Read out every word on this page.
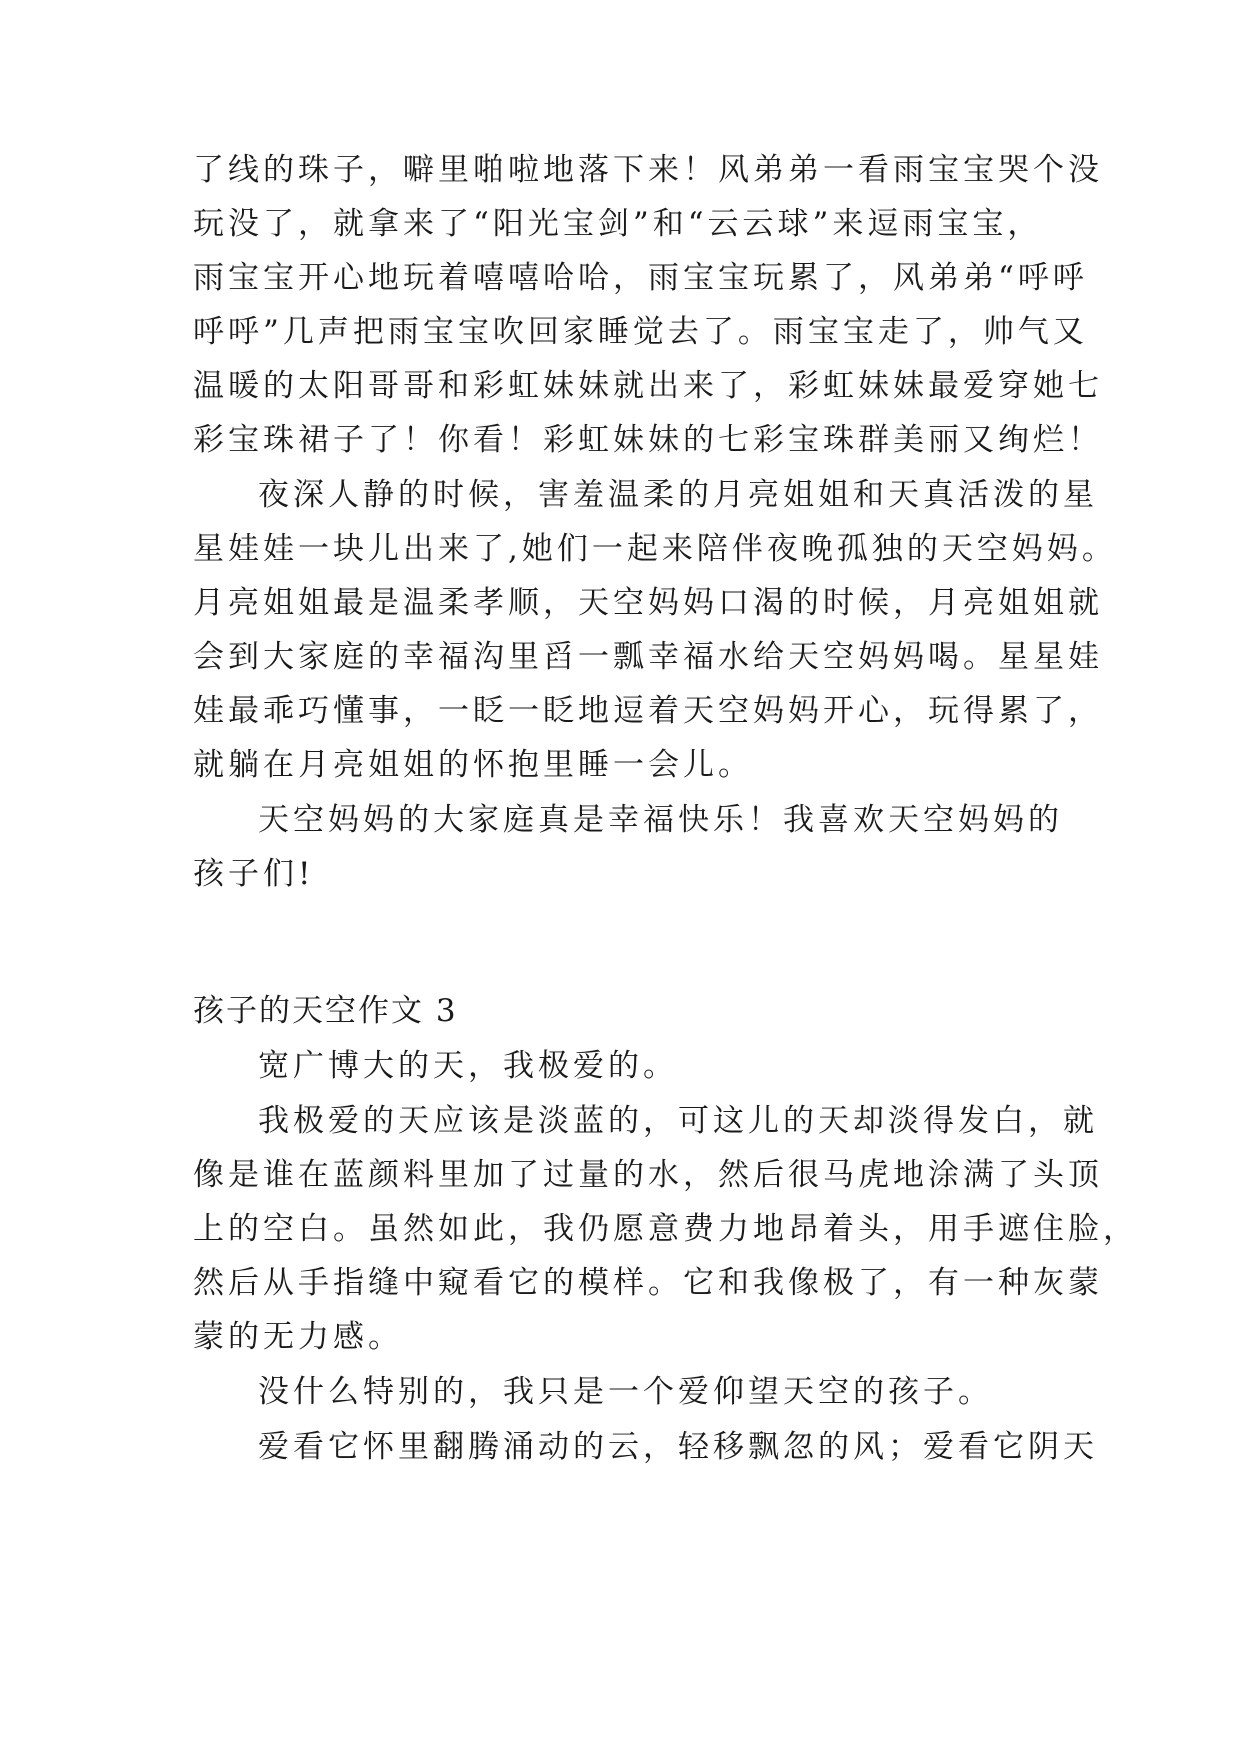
了线的珠子，噼里啪啦地落下来！风弟弟一看雨宝宝哭个没

玩没了，就拿来了“阳光宝剑”和“云云球”来逗雨宝宝，

雨宝宝开心地玩着嘻嘻哈哈，雨宝宝玩累了，风弟弟“呼呼

呼呼”几声把雨宝宝吹回家睡觉去了。雨宝宝走了，帅气又

温暖的太阳哥哥和彩虹妹妹就出来了，彩虹妹妹最爱穿她七

彩宝珠裙子了！你看！彩虹妹妹的七彩宝珠群美丽又绚烂！

夜深人静的时候，害羞温柔的月亮姐姐和天真活泼的星

星娃娃一块儿出来了,她们一起来陪伴夜晚孤独的天空妈妈。

月亮姐姐最是温柔孝顺，天空妈妈口渴的时候，月亮姐姐就

会到大家庭的幸福沟里舀一瓢幸福水给天空妈妈喝。星星娃

娃最乖巧懂事，一眨一眨地逗着天空妈妈开心，玩得累了，

就躺在月亮姐姐的怀抱里睡一会儿。

天空妈妈的大家庭真是幸福快乐！我喜欢天空妈妈的

孩子们!

孩子的天空作文 3

宽广博大的天，我极爱的。

我极爱的天应该是淡蓝的，可这儿的天却淡得发白，就

像是谁在蓝颜料里加了过量的水，然后很马虎地涂满了头顶

上的空白。虽然如此，我仍愿意费力地昂着头，用手遮住脸，

然后从手指缝中窥看它的模样。它和我像极了，有一种灰蒙

蒙的无力感。

没什么特别的，我只是一个爱仰望天空的孩子。

爱看它怀里翻腾涌动的云，轻移飘忽的风；爱看它阴天
